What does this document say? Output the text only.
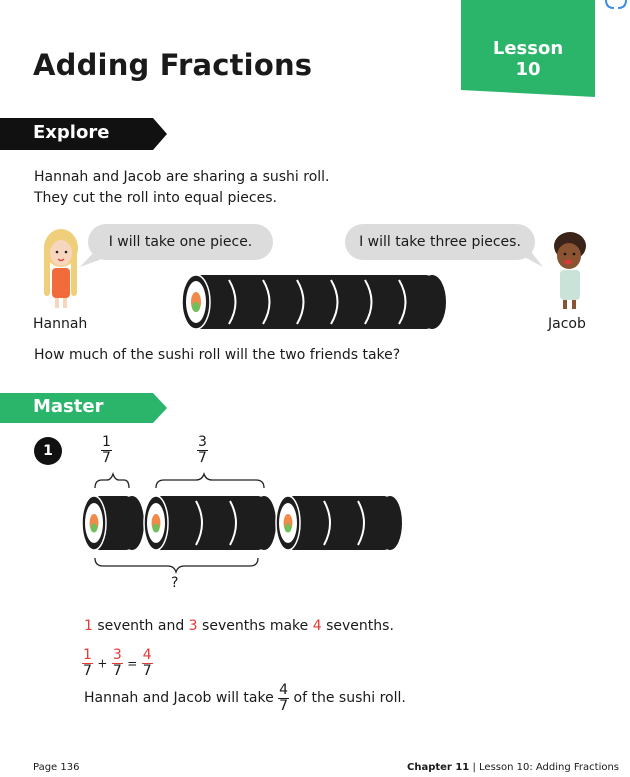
Adding Fractions	Lesson
10
Explore
Hannah and Jacob are sharing a sushi roll.
They cut the roll into equal pieces.
I will take one piece.	I will take three pieces.
Hannah	Jacob
How much of the sushi roll will the two friends take?
Master
1	$\frac{1}{7}$	$\frac{3}{7}$
?
1 seventh and 3 sevenths make 4 sevenths.
$\frac{1}{7} + \frac{3}{7} = \frac{4}{7}$
Hannah and Jacob will take $\frac{4}{7}$ of the sushi roll.
Page 136	Chapter 11 | Lesson 10: Adding Fractions
